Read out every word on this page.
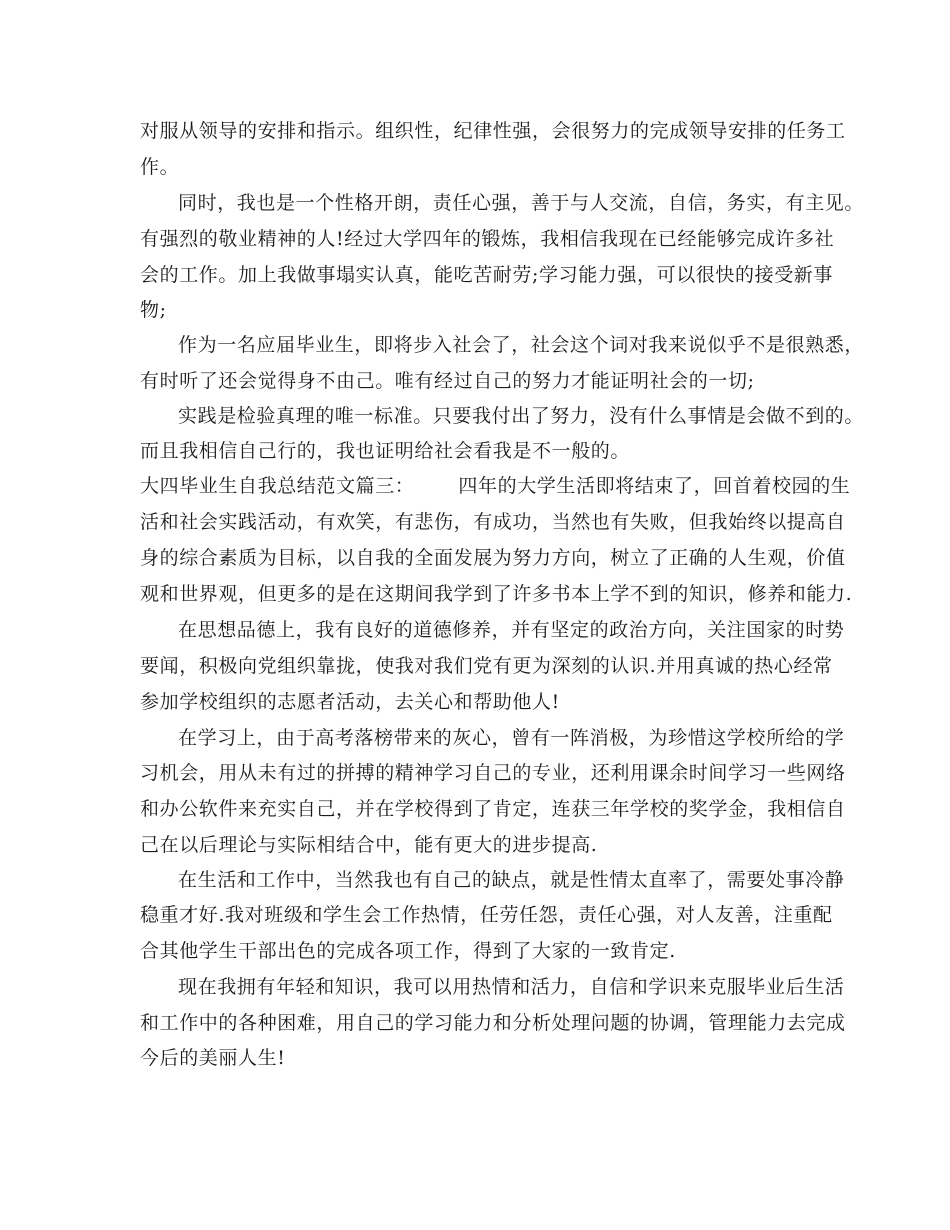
对服从领导的安排和指示。组织性，纪律性强，会很努力的完成领导安排的任务工
作。
同时，我也是一个性格开朗，责任心强，善于与人交流，自信，务实，有主见。
有强烈的敬业精神的人!经过大学四年的锻炼，我相信我现在已经能够完成许多社
会的工作。加上我做事塌实认真，能吃苦耐劳;学习能力强，可以很快的接受新事
物;
作为一名应届毕业生，即将步入社会了，社会这个词对我来说似乎不是很熟悉，
有时听了还会觉得身不由己。唯有经过自己的努力才能证明社会的一切;
实践是检验真理的唯一标准。只要我付出了努力，没有什么事情是会做不到的。
而且我相信自己行的，我也证明给社会看我是不一般的。
大四毕业生自我总结范文篇三： 四年的大学生活即将结束了，回首着校园的生
活和社会实践活动，有欢笑，有悲伤，有成功，当然也有失败，但我始终以提高自
身的综合素质为目标，以自我的全面发展为努力方向，树立了正确的人生观，价值
观和世界观，但更多的是在这期间我学到了许多书本上学不到的知识，修养和能力.
在思想品德上，我有良好的道德修养，并有坚定的政治方向，关注国家的时势
要闻，积极向党组织靠拢，使我对我们党有更为深刻的认识.并用真诚的热心经常
参加学校组织的志愿者活动，去关心和帮助他人!
在学习上，由于高考落榜带来的灰心，曾有一阵消极，为珍惜这学校所给的学
习机会，用从未有过的拼搏的精神学习自己的专业，还利用课余时间学习一些网络
和办公软件来充实自己，并在学校得到了肯定，连获三年学校的奖学金，我相信自
己在以后理论与实际相结合中，能有更大的进步提高.
在生活和工作中，当然我也有自己的缺点，就是性情太直率了，需要处事冷静
稳重才好.我对班级和学生会工作热情，任劳任怨，责任心强，对人友善，注重配
合其他学生干部出色的完成各项工作，得到了大家的一致肯定.
现在我拥有年轻和知识，我可以用热情和活力，自信和学识来克服毕业后生活
和工作中的各种困难，用自己的学习能力和分析处理问题的协调，管理能力去完成
今后的美丽人生!
